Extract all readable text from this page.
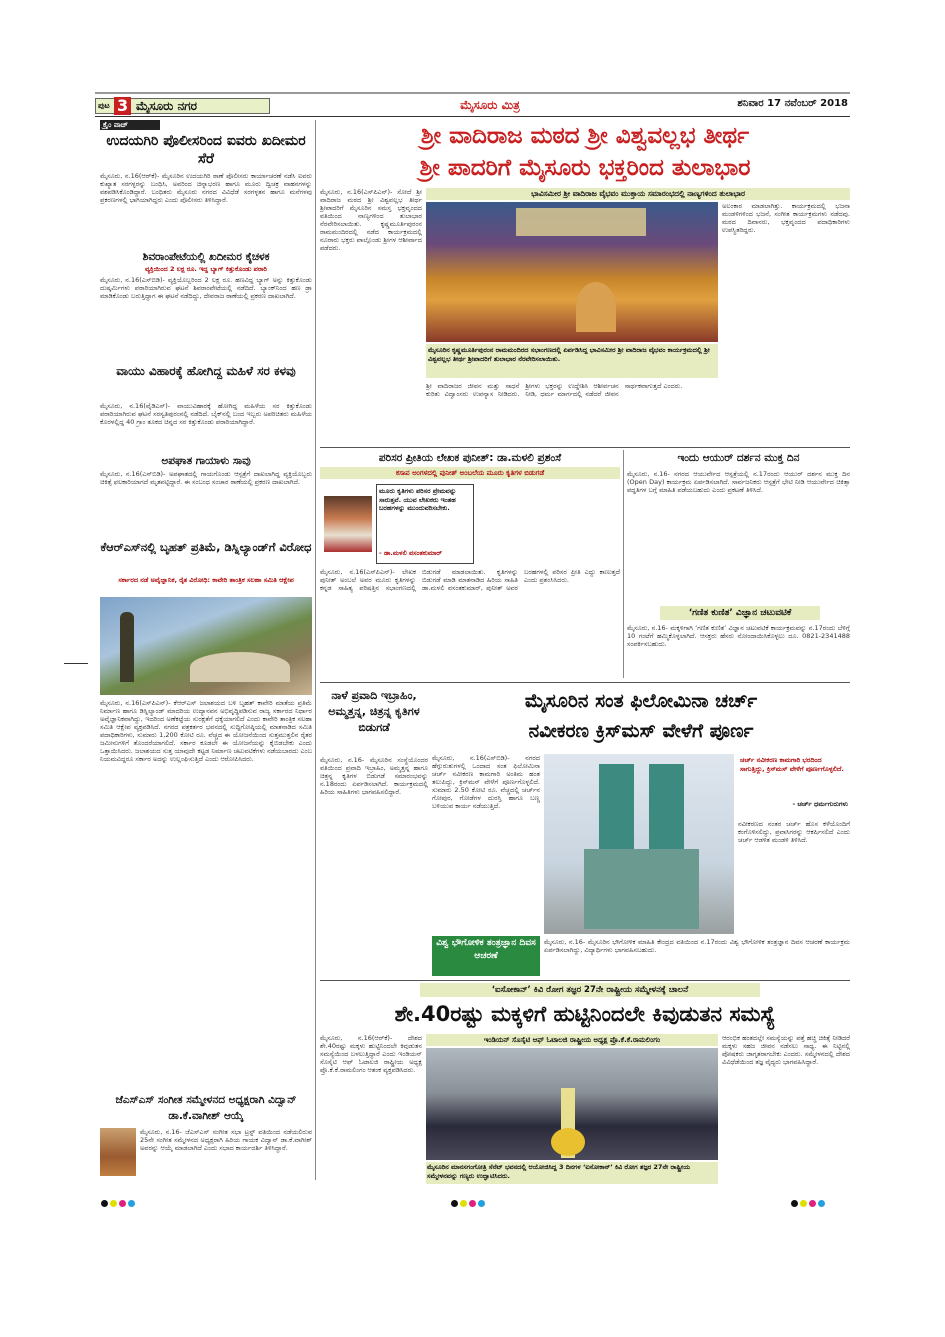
ಪುಟ 3 ಮೈಸೂರು ನಗರ	ಮೈಸೂರು ಮಿತ್ರ	ಶನಿವಾರ 17 ನವೆಂಬರ್ 2018
ಕ್ರೈಂ ವಾಚ್
ಉದಯಗಿರಿ ಪೊಲೀಸರಿಂದ ಐವರು ಖದೀಮರ ಸೆರೆ
ಮೈಸೂರು, ನ.16(ಆರ್‌ಕೆ)- ಮೈಸೂರಿನ ಉದಯಗಿರಿ ಠಾಣೆ ಪೊಲೀಸರು ಕಾರ್ಯಾಚರಣೆ ನಡೆಸಿ ಐವರು ಕುಖ್ಯಾತ ಸರಗಳ್ಳರನ್ನು ಬಂಧಿಸಿ, ಅವರಿಂದ ಚಿನ್ನಾಭರಣ ಹಾಗೂ ಮೂರು ದ್ವಿಚಕ್ರ ವಾಹನಗಳನ್ನು ವಶಪಡಿಸಿಕೊಂಡಿದ್ದಾರೆ. ಬಂಧಿತರು ಮೈಸೂರು ನಗರದ ವಿವಿಧೆಡೆ ಸರಗಳ್ಳತನ ಹಾಗೂ ಮನೆಗಳವು ಪ್ರಕರಣಗಳಲ್ಲಿ ಭಾಗಿಯಾಗಿದ್ದರು ಎಂದು ಪೊಲೀಸರು ತಿಳಿಸಿದ್ದಾರೆ.
ಶಿವರಾಂಪೇಟೆಯಲ್ಲಿ ಖದೀಮರ ಕೈಚಳಕ
ವ್ಯಕ್ತಿಯಿಂದ 2 ಲಕ್ಷ ರೂ. ಇದ್ದ ಬ್ಯಾಗ್ ಕಿತ್ತುಕೊಂಡು ಪರಾರಿ
ಮೈಸೂರು, ನ.16(ಎಸ್‌ಬಿಡಿ)- ವ್ಯಕ್ತಿಯೊಬ್ಬರಿಂದ 2 ಲಕ್ಷ ರೂ. ಹಣವಿದ್ದ ಬ್ಯಾಗ್ ಅನ್ನು ಕಿತ್ತುಕೊಂಡು ದುಷ್ಕರ್ಮಿಗಳು ಪರಾರಿಯಾಗಿರುವ ಘಟನೆ ಶಿವರಾಂಪೇಟೆಯಲ್ಲಿ ನಡೆದಿದೆ. ಬ್ಯಾಂಕ್‌ನಿಂದ ಹಣ ಡ್ರಾ ಮಾಡಿಕೊಂಡು ಬರುತ್ತಿದ್ದಾಗ ಈ ಘಟನೆ ನಡೆದಿದ್ದು, ದೇವರಾಜ ಠಾಣೆಯಲ್ಲಿ ಪ್ರಕರಣ ದಾಖಲಾಗಿದೆ.
ವಾಯು ವಿಹಾರಕ್ಕೆ ಹೋಗಿದ್ದ ಮಹಿಳೆ ಸರ ಕಳವು
ಮೈಸೂರು, ನ.16(ವೈಡಿಎಸ್)- ವಾಯುವಿಹಾರಕ್ಕೆ ಹೋಗಿದ್ದ ಮಹಿಳೆಯ ಸರ ಕಿತ್ತುಕೊಂಡು ಪರಾರಿಯಾಗಿರುವ ಘಟನೆ ಸರಸ್ವತಿಪುರಂನಲ್ಲಿ ನಡೆದಿದೆ. ಬೈಕ್‌ನಲ್ಲಿ ಬಂದ ಇಬ್ಬರು ಅಪರಿಚಿತರು ಮಹಿಳೆಯ ಕೊರಳಲ್ಲಿದ್ದ 40 ಗ್ರಾಂ ತೂಕದ ಚಿನ್ನದ ಸರ ಕಿತ್ತುಕೊಂಡು ಪರಾರಿಯಾಗಿದ್ದಾರೆ.
ಅಪಘಾತ ಗಾಯಾಳು ಸಾವು
ಮೈಸೂರು, ನ.16(ಎಸ್‌ಬಿಡಿ)- ಅಪಘಾತದಲ್ಲಿ ಗಾಯಗೊಂಡು ಆಸ್ಪತ್ರೆಗೆ ದಾಖಲಾಗಿದ್ದ ವ್ಯಕ್ತಿಯೊಬ್ಬರು ಚಿಕಿತ್ಸೆ ಫಲಕಾರಿಯಾಗದೆ ಮೃತಪಟ್ಟಿದ್ದಾರೆ. ಈ ಸಂಬಂಧ ಸಂಚಾರ ಠಾಣೆಯಲ್ಲಿ ಪ್ರಕರಣ ದಾಖಲಾಗಿದೆ.
ಕೆಆರ್‌ಎಸ್‌ನಲ್ಲಿ ಬೃಹತ್ ಪ್ರತಿಮೆ, ಡಿಸ್ನಿಲ್ಯಾಂಡ್‌ಗೆ ವಿರೋಧ
ಸರ್ಕಾರದ ನಡೆ ಅವೈಜ್ಞಾನಿಕ, ರೈತ ವಿರೋಧಿ: ಕಾವೇರಿ ತಾಂತ್ರಿಕ ಸಲಹಾ ಸಮಿತಿ ಆಕ್ಷೇಪ
ಮೈಸೂರು, ನ.16(ಎಸ್‌ಪಿಎನ್)- ಕೆಆರ್‌ಎಸ್ ಜಲಾಶಯದ ಬಳಿ ಬೃಹತ್ ಕಾವೇರಿ ಮಾತೆಯ ಪ್ರತಿಮೆ ನಿರ್ಮಾಣ ಹಾಗೂ ಡಿಸ್ನಿಲ್ಯಾಂಡ್ ಮಾದರಿಯ ಉದ್ಯಾನವನ ಅಭಿವೃದ್ಧಿಪಡಿಸುವ ರಾಜ್ಯ ಸರ್ಕಾರದ ನಿರ್ಧಾರ ಅವೈಜ್ಞಾನಿಕವಾಗಿದ್ದು, ಇದರಿಂದ ಅಣೆಕಟ್ಟೆಯ ಸುರಕ್ಷತೆಗೆ ಧಕ್ಕೆಯಾಗಲಿದೆ ಎಂದು ಕಾವೇರಿ ತಾಂತ್ರಿಕ ಸಲಹಾ ಸಮಿತಿ ಆಕ್ಷೇಪ ವ್ಯಕ್ತಪಡಿಸಿದೆ. ನಗರದ ಪತ್ರಕರ್ತರ ಭವನದಲ್ಲಿ ಸುದ್ದಿಗೋಷ್ಠಿಯಲ್ಲಿ ಮಾತನಾಡಿದ ಸಮಿತಿ ಪದಾಧಿಕಾರಿಗಳು, ಸುಮಾರು 1,200 ಕೋಟಿ ರೂ. ವೆಚ್ಚದ ಈ ಯೋಜನೆಯಿಂದ ಸುತ್ತಮುತ್ತಲಿನ ರೈತರ ಜಮೀನುಗಳಿಗೆ ತೊಂದರೆಯಾಗಲಿದೆ. ಸರ್ಕಾರ ಕೂಡಲೇ ಈ ಯೋಜನೆಯನ್ನು ಕೈಬಿಡಬೇಕು ಎಂದು ಒತ್ತಾಯಿಸಿದರು. ಜಲಾಶಯದ ಸುತ್ತ ಯಾವುದೇ ಕಟ್ಟಡ ನಿರ್ಮಾಣ ಚಟುವಟಿಕೆಗಳು ನಡೆಯಬಾರದು ಎಂಬ ನಿಯಮವಿದ್ದರೂ ಸರ್ಕಾರ ಅದನ್ನು ಉಲ್ಲಂಘಿಸುತ್ತಿದೆ ಎಂದು ಆರೋಪಿಸಿದರು.
ಜೆಎಸ್‌ಎಸ್ ಸಂಗೀತ ಸಮ್ಮೇಳನದ ಅಧ್ಯಕ್ಷರಾಗಿ ವಿದ್ವಾನ್ ಡಾ.ಕೆ.ವಾಗೀಶ್ ಆಯ್ಕೆ
ಮೈಸೂರು, ನ.16- ಜೆಎಸ್‌ಎಸ್ ಸಂಗೀತ ಸಭಾ ಟ್ರಸ್ಟ್ ವತಿಯಿಂದ ನಡೆಯಲಿರುವ 25ನೇ ಸಂಗೀತ ಸಮ್ಮೇಳನದ ಅಧ್ಯಕ್ಷರಾಗಿ ಹಿರಿಯ ಗಾಯಕ ವಿದ್ವಾನ್ ಡಾ.ಕೆ.ವಾಗೀಶ್ ಅವರನ್ನು ಆಯ್ಕೆ ಮಾಡಲಾಗಿದೆ ಎಂದು ಸಭಾದ ಕಾರ್ಯದರ್ಶಿ ತಿಳಿಸಿದ್ದಾರೆ.
ಶ್ರೀ ವಾದಿರಾಜ ಮಠದ ಶ್ರೀ ವಿಶ್ವವಲ್ಲಭ ತೀರ್ಥ
ಶ್ರೀ ಪಾದರಿಗೆ ಮೈಸೂರು ಭಕ್ತರಿಂದ ತುಲಾಭಾರ
ಮೈಸೂರು, ನ.16(ಎಸ್‌ಪಿಎನ್)- ಸೋದೆ ಶ್ರೀ ವಾದಿರಾಜ ಮಠದ ಶ್ರೀ ವಿಶ್ವವಲ್ಲಭ ತೀರ್ಥ ಶ್ರೀಪಾದರಿಗೆ ಮೈಸೂರಿನ ಸಮಸ್ತ ಭಕ್ತವೃಂದದ ವತಿಯಿಂದ ನಾಣ್ಯಗಳಿಂದ ತುಲಾಭಾರ ನೆರವೇರಿಸಲಾಯಿತು. ಕೃಷ್ಣಮೂರ್ತಿಪುರಂನ ರಾಮಮಂದಿರದಲ್ಲಿ ನಡೆದ ಕಾರ್ಯಕ್ರಮದಲ್ಲಿ ನೂರಾರು ಭಕ್ತರು ಪಾಲ್ಗೊಂಡು ಶ್ರೀಗಳ ಆಶೀರ್ವಾದ ಪಡೆದರು.
ಭಾವಿಸಮೀರ ಶ್ರೀ ವಾದಿರಾಜ ವೈಭವಂ ಮುಕ್ತಾಯ ಸಮಾರಂಭದಲ್ಲಿ ನಾಣ್ಯಗಳಿಂದ ತುಲಾಭಾರ
ಅಲಂಕಾರ ಮಾಡಲಾಗಿತ್ತು. ಕಾರ್ಯಕ್ರಮದಲ್ಲಿ ಭಜನಾ ಮಂಡಳಿಗಳಿಂದ ಭಜನೆ, ಸಂಗೀತ ಕಾರ್ಯಕ್ರಮಗಳು ನಡೆದವು. ಮಠದ ದಿವಾನರು, ಭಕ್ತವೃಂದದ ಪದಾಧಿಕಾರಿಗಳು ಉಪಸ್ಥಿತರಿದ್ದರು.
ಮೈಸೂರಿನ ಕೃಷ್ಣಮೂರ್ತಿಪುರಂನ ರಾಮಮಂದಿರದ ಸಭಾಂಗಣದಲ್ಲಿ ಏರ್ಪಡಿಸಿದ್ದ ಭಾವಿಸಮೀರ ಶ್ರೀ ವಾದಿರಾಜ ವೈಭವಂ ಕಾರ್ಯಕ್ರಮದಲ್ಲಿ ಶ್ರೀ ವಿಶ್ವವಲ್ಲಭ ತೀರ್ಥ ಶ್ರೀಪಾದರಿಗೆ ತುಲಾಭಾರ ನೆರವೇರಿಸಲಾಯಿತು.
ಶ್ರೀ ವಾದಿರಾಜರ ಜೀವನ ಮತ್ತು ಸಾಧನೆ ಕುರಿತು ವಿದ್ವಾಂಸರು ಉಪನ್ಯಾಸ ನೀಡಿದರು. ಶ್ರೀಗಳು ಭಕ್ತರನ್ನು ಉದ್ದೇಶಿಸಿ ಆಶೀರ್ವಚನ ನೀಡಿ, ಧರ್ಮ ಮಾರ್ಗದಲ್ಲಿ ನಡೆದರೆ ಜೀವನ ಸಾರ್ಥಕವಾಗುತ್ತದೆ ಎಂದರು.
ಪರಿಸರ ಪ್ರೀತಿಯ ಲೇಖಕ ಪುನೀತ್: ಡಾ.ಮಳಲಿ ಪ್ರಶಂಸೆ
ಕಸಾಪ ಅಂಗಳದಲ್ಲಿ ಪುನೀತ್ ಅಂಬಲೆಯ ಮೂರು ಕೃತಿಗಳ ಬಿಡುಗಡೆ
ಮೂರು ಕೃತಿಗಳು ಪರಿಸರ ಪ್ರೇಮವನ್ನು ಸಾರುತ್ತವೆ. ಯುವ ಲೇಖಕರು ಇಂತಹ ಬರಹಗಳನ್ನು ಮುಂದುವರಿಸಬೇಕು.
- ಡಾ.ಮಳಲಿ ವಸಂತಕುಮಾರ್
ಮೈಸೂರು, ನ.16(ಎಸ್‌ಪಿಎನ್)- ಲೇಖಕ ಪುನೀತ್ ಅಂಬಲೆ ಅವರ ಮೂರು ಕೃತಿಗಳನ್ನು ಕನ್ನಡ ಸಾಹಿತ್ಯ ಪರಿಷತ್ತಿನ ಸಭಾಂಗಣದಲ್ಲಿ ಬಿಡುಗಡೆ ಮಾಡಲಾಯಿತು. ಕೃತಿಗಳನ್ನು ಬಿಡುಗಡೆ ಮಾಡಿ ಮಾತನಾಡಿದ ಹಿರಿಯ ಸಾಹಿತಿ ಡಾ.ಮಳಲಿ ವಸಂತಕುಮಾರ್, ಪುನೀತ್ ಅವರ ಬರಹಗಳಲ್ಲಿ ಪರಿಸರ ಪ್ರೀತಿ ಎದ್ದು ಕಾಣುತ್ತದೆ ಎಂದು ಪ್ರಶಂಸಿಸಿದರು.
ಇಂದು ಆಯುರ್ ದರ್ಶನ ಮುಕ್ತ ದಿನ
ಮೈಸೂರು, ನ.16- ನಗರದ ಆಯುರ್ವೇದ ಆಸ್ಪತ್ರೆಯಲ್ಲಿ ನ.17ರಂದು ಆಯುರ್ ದರ್ಶನ ಮುಕ್ತ ದಿನ (Open Day) ಕಾರ್ಯಕ್ರಮ ಏರ್ಪಡಿಸಲಾಗಿದೆ. ಸಾರ್ವಜನಿಕರು ಆಸ್ಪತ್ರೆಗೆ ಭೇಟಿ ನೀಡಿ ಆಯುರ್ವೇದ ಚಿಕಿತ್ಸಾ ಪದ್ಧತಿಗಳ ಬಗ್ಗೆ ಮಾಹಿತಿ ಪಡೆಯಬಹುದು ಎಂದು ಪ್ರಕಟಣೆ ತಿಳಿಸಿದೆ.
‘ಗಣಿತ ಕುಣಿತ’ ವಿಜ್ಞಾನ ಚಟುವಟಿಕೆ
ಮೈಸೂರು, ನ.16- ಮಕ್ಕಳಿಗಾಗಿ ‘ಗಣಿತ ಕುಣಿತ’ ವಿಜ್ಞಾನ ಚಟುವಟಿಕೆ ಕಾರ್ಯಕ್ರಮವನ್ನು ನ.17ರಂದು ಬೆಳಿಗ್ಗೆ 10 ಗಂಟೆಗೆ ಹಮ್ಮಿಕೊಳ್ಳಲಾಗಿದೆ. ಆಸಕ್ತರು ಹೆಸರು ನೋಂದಾಯಿಸಿಕೊಳ್ಳಲು ದೂ. 0821-2341488 ಸಂಪರ್ಕಿಸಬಹುದು.
ನಾಳೆ ಪ್ರವಾದಿ ಇಬ್ರಾಹಿಂ, ಅಮ್ಮತ್ತನ್ನ, ಚಿತ್ರನ್ನ ಕೃತಿಗಳ ಬಿಡುಗಡೆ
ಮೈಸೂರು, ನ.16- ಮೈಸೂರಿನ ಸಂಸ್ಥೆಯೊಂದರ ವತಿಯಿಂದ ಪ್ರವಾದಿ ಇಬ್ರಾಹಿಂ, ಅಮ್ಮತ್ತನ್ನ ಹಾಗೂ ಚಿತ್ರನ್ನ ಕೃತಿಗಳ ಬಿಡುಗಡೆ ಸಮಾರಂಭವನ್ನು ನ.18ರಂದು ಏರ್ಪಡಿಸಲಾಗಿದೆ. ಕಾರ್ಯಕ್ರಮದಲ್ಲಿ ಹಿರಿಯ ಸಾಹಿತಿಗಳು ಭಾಗವಹಿಸಲಿದ್ದಾರೆ.
ಮೈಸೂರಿನ ಸಂತ ಫಿಲೋಮಿನಾ ಚರ್ಚ್
ನವೀಕರಣ ಕ್ರಿಸ್‌ಮಸ್ ವೇಳೆಗೆ ಪೂರ್ಣ
ಮೈಸೂರು, ನ.16(ಎಸ್‌ಬಿಡಿ)- ನಗರದ ಹೆಗ್ಗುರುತುಗಳಲ್ಲಿ ಒಂದಾದ ಸಂತ ಫಿಲೋಮಿನಾ ಚರ್ಚ್ ನವೀಕರಣ ಕಾಮಗಾರಿ ಅಂತಿಮ ಹಂತ ತಲುಪಿದ್ದು, ಕ್ರಿಸ್‌ಮಸ್ ವೇಳೆಗೆ ಪೂರ್ಣಗೊಳ್ಳಲಿದೆ. ಸುಮಾರು 2.50 ಕೋಟಿ ರೂ. ವೆಚ್ಚದಲ್ಲಿ ಚರ್ಚ್‌ನ ಗೋಪುರ, ಗೋಡೆಗಳ ದುರಸ್ತಿ ಹಾಗೂ ಬಣ್ಣ ಬಳಿಯುವ ಕಾರ್ಯ ನಡೆಯುತ್ತಿದೆ.
ಚರ್ಚ್ ನವೀಕರಣ ಕಾಮಗಾರಿ ಭರದಿಂದ ಸಾಗುತ್ತಿದ್ದು, ಕ್ರಿಸ್‌ಮಸ್ ವೇಳೆಗೆ ಪೂರ್ಣಗೊಳ್ಳಲಿದೆ.
- ಚರ್ಚ್ ಧರ್ಮಗುರುಗಳು
ನವೀಕರಣದ ನಂತರ ಚರ್ಚ್ ಹೊಸ ಕಳೆಯೊಂದಿಗೆ ಕಂಗೊಳಿಸಲಿದ್ದು, ಪ್ರವಾಸಿಗರನ್ನು ಆಕರ್ಷಿಸಲಿದೆ ಎಂದು ಚರ್ಚ್ ಆಡಳಿತ ಮಂಡಳಿ ತಿಳಿಸಿದೆ.
ವಿಶ್ವ ಭೌಗೋಳಿಕ ತಂತ್ರಜ್ಞಾನ ದಿವಸ ಆಚರಣೆ
ಮೈಸೂರು, ನ.16- ಮೈಸೂರಿನ ಭೌಗೋಳಿಕ ಮಾಹಿತಿ ಕೇಂದ್ರದ ವತಿಯಿಂದ ನ.17ರಂದು ವಿಶ್ವ ಭೌಗೋಳಿಕ ತಂತ್ರಜ್ಞಾನ ದಿವಸ ಆಚರಣೆ ಕಾರ್ಯಕ್ರಮ ಏರ್ಪಡಿಸಲಾಗಿದ್ದು, ವಿದ್ಯಾರ್ಥಿಗಳು ಭಾಗವಹಿಸಬಹುದು.
‘ಐಸೋಕಾನ್’ ಕಿವಿ ರೋಗ ತಜ್ಞರ 27ನೇ ರಾಷ್ಟ್ರೀಯ ಸಮ್ಮೇಳನಕ್ಕೆ ಚಾಲನೆ
ಶೇ.40ರಷ್ಟು ಮಕ್ಕಳಿಗೆ ಹುಟ್ಟಿನಿಂದಲೇ ಕಿವುಡುತನ ಸಮಸ್ಯೆ
ಮೈಸೂರು, ನ.16(ಆರ್‌ಕೆ)- ದೇಶದ ಶೇ.40ರಷ್ಟು ಮಕ್ಕಳು ಹುಟ್ಟಿನಿಂದಲೇ ಕಿವುಡುತನ ಸಮಸ್ಯೆಯಿಂದ ಬಳಲುತ್ತಿದ್ದಾರೆ ಎಂದು ಇಂಡಿಯನ್ ಸೊಸೈಟಿ ಆಫ್ ಓಟಾಲಜಿ ರಾಷ್ಟ್ರೀಯ ಅಧ್ಯಕ್ಷ ಪ್ರೊ.ಕೆ.ಕೆ.ರಾಮಲಿಂಗಂ ಆತಂಕ ವ್ಯಕ್ತಪಡಿಸಿದರು.
ಇಂಡಿಯನ್ ಸೊಸೈಟಿ ಆಫ್ ಓಟಾಲಜಿ ರಾಷ್ಟ್ರೀಯ ಅಧ್ಯಕ್ಷ ಪ್ರೊ.ಕೆ.ಕೆ.ರಾಮಲಿಂಗಂ
ಮೈಸೂರಿನ ಮಾನಸಗಂಗೋತ್ರಿ ಸೆನೆಟ್ ಭವನದಲ್ಲಿ ಆಯೋಜಿಸಿದ್ದ 3 ದಿನಗಳ ‘ಐಸೋಕಾನ್’ ಕಿವಿ ರೋಗ ತಜ್ಞರ 27ನೇ ರಾಷ್ಟ್ರೀಯ ಸಮ್ಮೇಳನವನ್ನು ಗಣ್ಯರು ಉದ್ಘಾಟಿಸಿದರು.
ಆರಂಭಿಕ ಹಂತದಲ್ಲೇ ಸಮಸ್ಯೆಯನ್ನು ಪತ್ತೆ ಹಚ್ಚಿ ಚಿಕಿತ್ಸೆ ನೀಡಿದರೆ ಮಕ್ಕಳು ಸಹಜ ಜೀವನ ನಡೆಸಲು ಸಾಧ್ಯ. ಈ ನಿಟ್ಟಿನಲ್ಲಿ ಪೋಷಕರು ಜಾಗೃತರಾಗಬೇಕು ಎಂದರು. ಸಮ್ಮೇಳನದಲ್ಲಿ ದೇಶದ ವಿವಿಧೆಡೆಯಿಂದ ತಜ್ಞ ವೈದ್ಯರು ಭಾಗವಹಿಸಿದ್ದಾರೆ.
